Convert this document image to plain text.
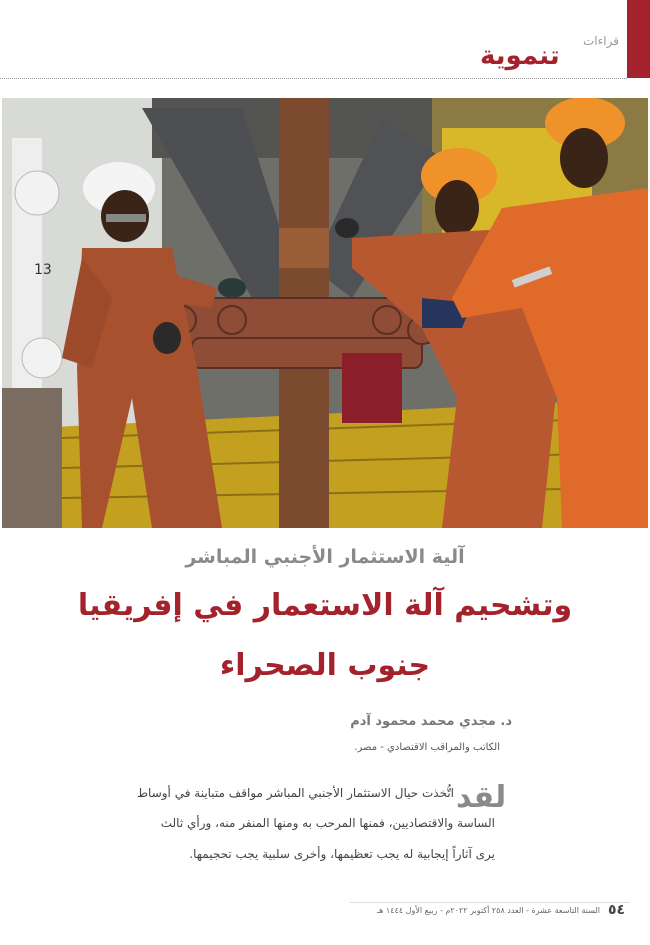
قراءات
تنموية
13
آلية الاستثمار الأجنبي المباشر
وتشحيم آلة الاستعمار في إفريقيا
جنوب الصحراء
د. مجدي محمد محمود آدم
الكاتب والمراقب الاقتصادي - مصر.
لقد
اتُّخذت حيال الاستثمار الأجنبي المباشر مواقف متباينة في أوساط
الساسة والاقتصاديين، فمنها المرحب به ومنها المنفر منه، ورأي ثالث
يرى آثاراً إيجابية له يجب تعظيمها، وأخرى سلبية يجب تحجيمها.
٥٤
السنة التاسعة عشرة - العدد ٢٥٨ أكتوبر ٢٠٢٢م - ربيع الأول ١٤٤٤ هـ
